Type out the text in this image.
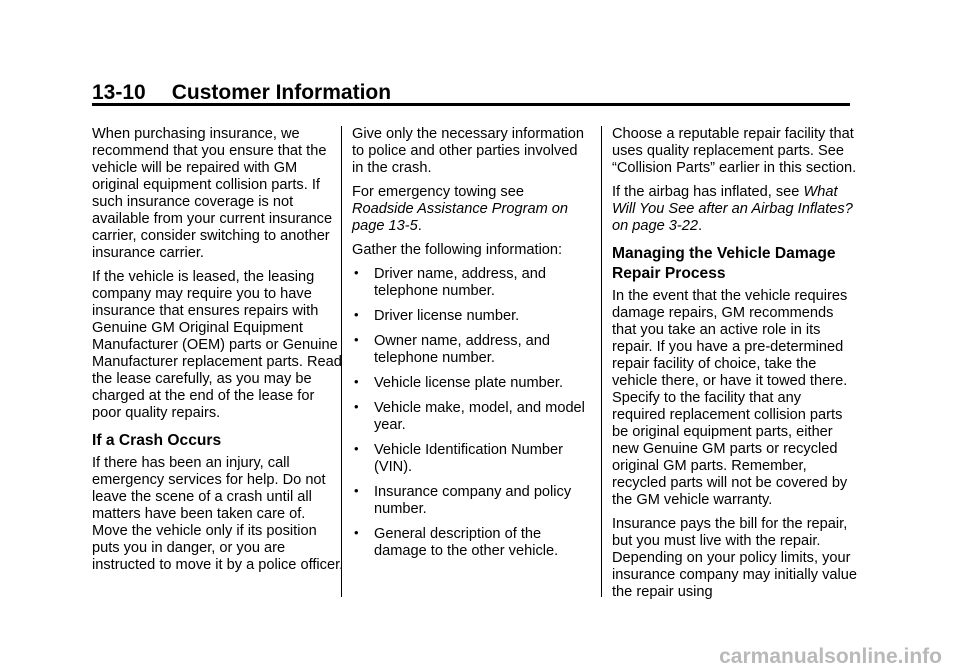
13-10 Customer Information

When purchasing insurance, we recommend that you ensure that the vehicle will be repaired with GM original equipment collision parts. If such insurance coverage is not available from your current insurance carrier, consider switching to another insurance carrier.

If the vehicle is leased, the leasing company may require you to have insurance that ensures repairs with Genuine GM Original Equipment Manufacturer (OEM) parts or Genuine Manufacturer replacement parts. Read the lease carefully, as you may be charged at the end of the lease for poor quality repairs.

If a Crash Occurs

If there has been an injury, call emergency services for help. Do not leave the scene of a crash until all matters have been taken care of. Move the vehicle only if its position puts you in danger, or you are instructed to move it by a police officer.

Give only the necessary information to police and other parties involved in the crash.

For emergency towing see
Roadside Assistance Program on page 13-5.

Gather the following information:

• Driver name, address, and telephone number.
• Driver license number.
• Owner name, address, and telephone number.
• Vehicle license plate number.
• Vehicle make, model, and model year.
• Vehicle Identification Number (VIN).
• Insurance company and policy number.
• General description of the damage to the other vehicle.

Choose a reputable repair facility that uses quality replacement parts. See “Collision Parts” earlier in this section.

If the airbag has inflated, see What Will You See after an Airbag Inflates? on page 3-22.

Managing the Vehicle Damage Repair Process

In the event that the vehicle requires damage repairs, GM recommends that you take an active role in its repair. If you have a pre-determined repair facility of choice, take the vehicle there, or have it towed there. Specify to the facility that any required replacement collision parts be original equipment parts, either new Genuine GM parts or recycled original GM parts. Remember, recycled parts will not be covered by the GM vehicle warranty.

Insurance pays the bill for the repair, but you must live with the repair. Depending on your policy limits, your insurance company may initially value the repair using

carmanualsonline.info
